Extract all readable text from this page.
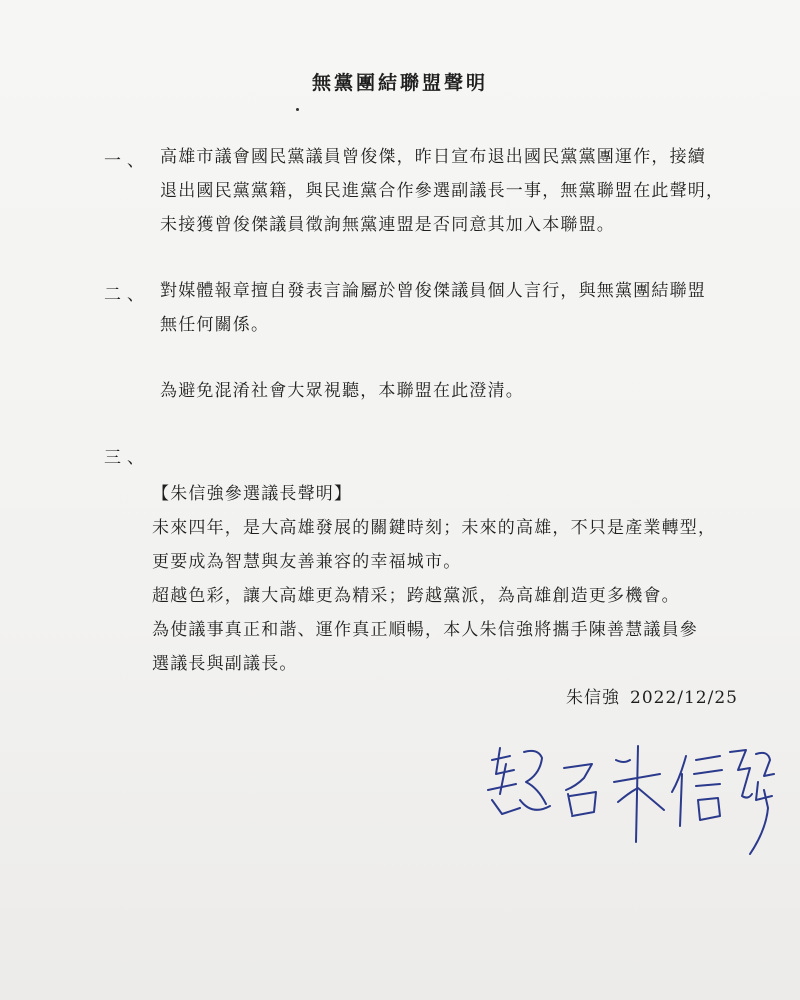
無黨團結聯盟聲明
一、 高雄市議會國民黨議員曾俊傑，昨日宣布退出國民黨黨團運作，接續
退出國民黨黨籍，與民進黨合作參選副議長一事，無黨聯盟在此聲明，
未接獲曾俊傑議員徵詢無黨連盟是否同意其加入本聯盟。
二、 對媒體報章擅自發表言論屬於曾俊傑議員個人言行，與無黨團結聯盟
無任何關係。
為避免混淆社會大眾視聽，本聯盟在此澄清。
三、
【朱信強參選議長聲明】
未來四年，是大高雄發展的關鍵時刻；未來的高雄，不只是產業轉型，
更要成為智慧與友善兼容的幸福城市。
超越色彩，讓大高雄更為精采；跨越黨派，為高雄創造更多機會。
為使議事真正和諧、運作真正順暢，本人朱信強將攜手陳善慧議員參
選議長與副議長。
朱信強 2022/12/25
